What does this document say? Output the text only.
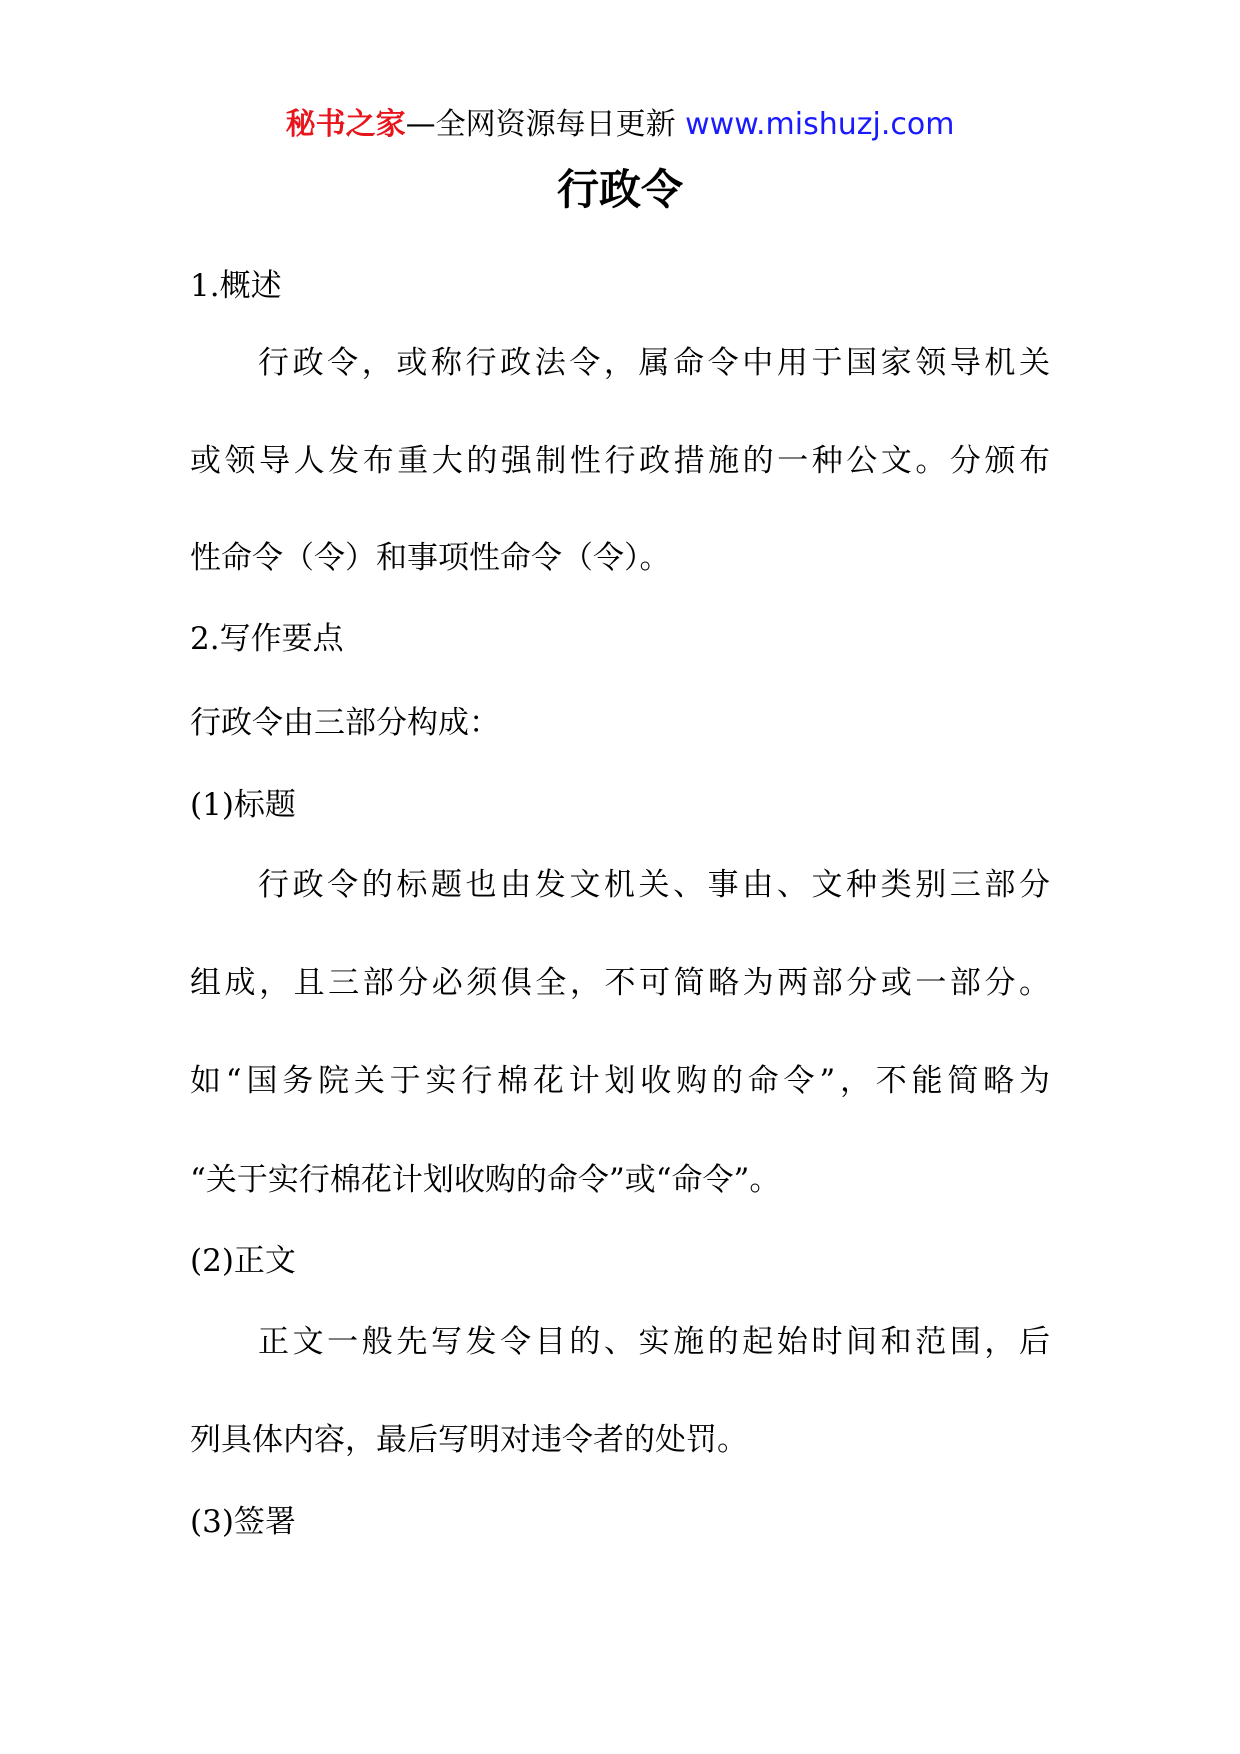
秘书之家—全网资源每日更新 www.mishuzj.com
行政令
1.概述
行政令，或称行政法令，属命令中用于国家领导机关
或领导人发布重大的强制性行政措施的一种公文。分颁布
性命令（令）和事项性命令（令）。
2.写作要点
行政令由三部分构成：
(1)标题
行政令的标题也由发文机关、事由、文种类别三部分
组成，且三部分必须俱全，不可简略为两部分或一部分。
如“国务院关于实行棉花计划收购的命令”，不能简略为
“关于实行棉花计划收购的命令”或“命令”。
(2)正文
正文一般先写发令目的、实施的起始时间和范围，后
列具体内容，最后写明对违令者的处罚。
(3)签署
